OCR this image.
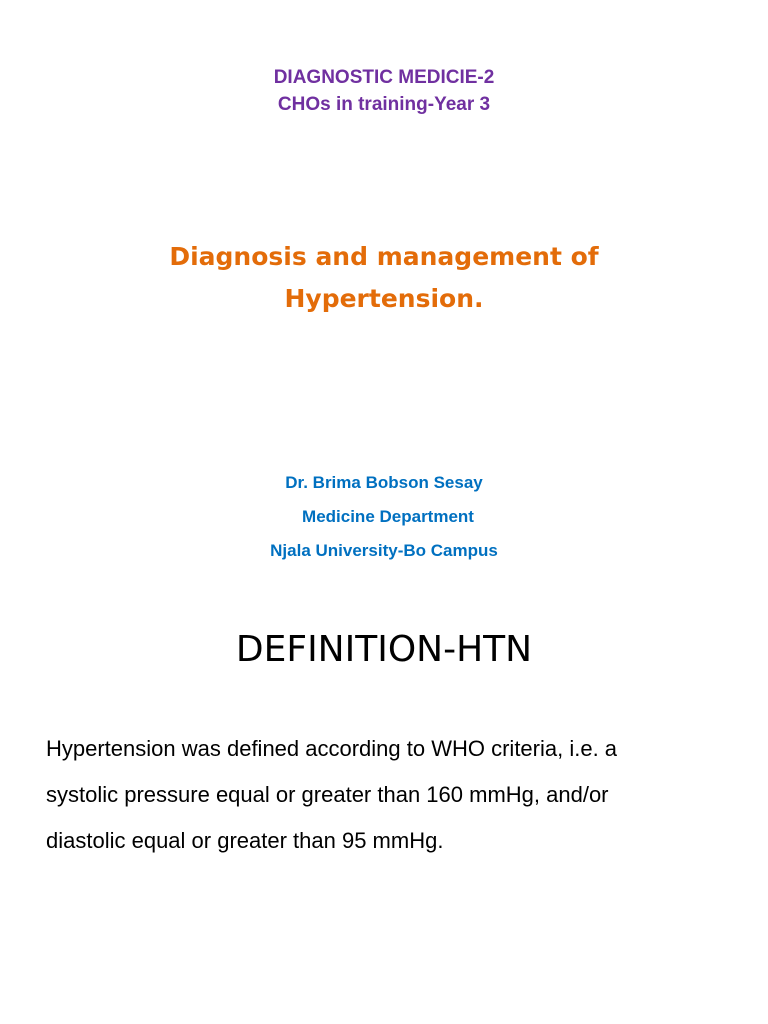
DIAGNOSTIC MEDICIE-2
CHOs in training-Year 3
Diagnosis and management of
Hypertension.
Dr. Brima Bobson Sesay
Medicine Department
Njala University-Bo Campus
DEFINITION-HTN
Hypertension was defined according to WHO criteria, i.e. a
systolic pressure equal or greater than 160 mmHg, and/or
diastolic equal or greater than 95 mmHg.
